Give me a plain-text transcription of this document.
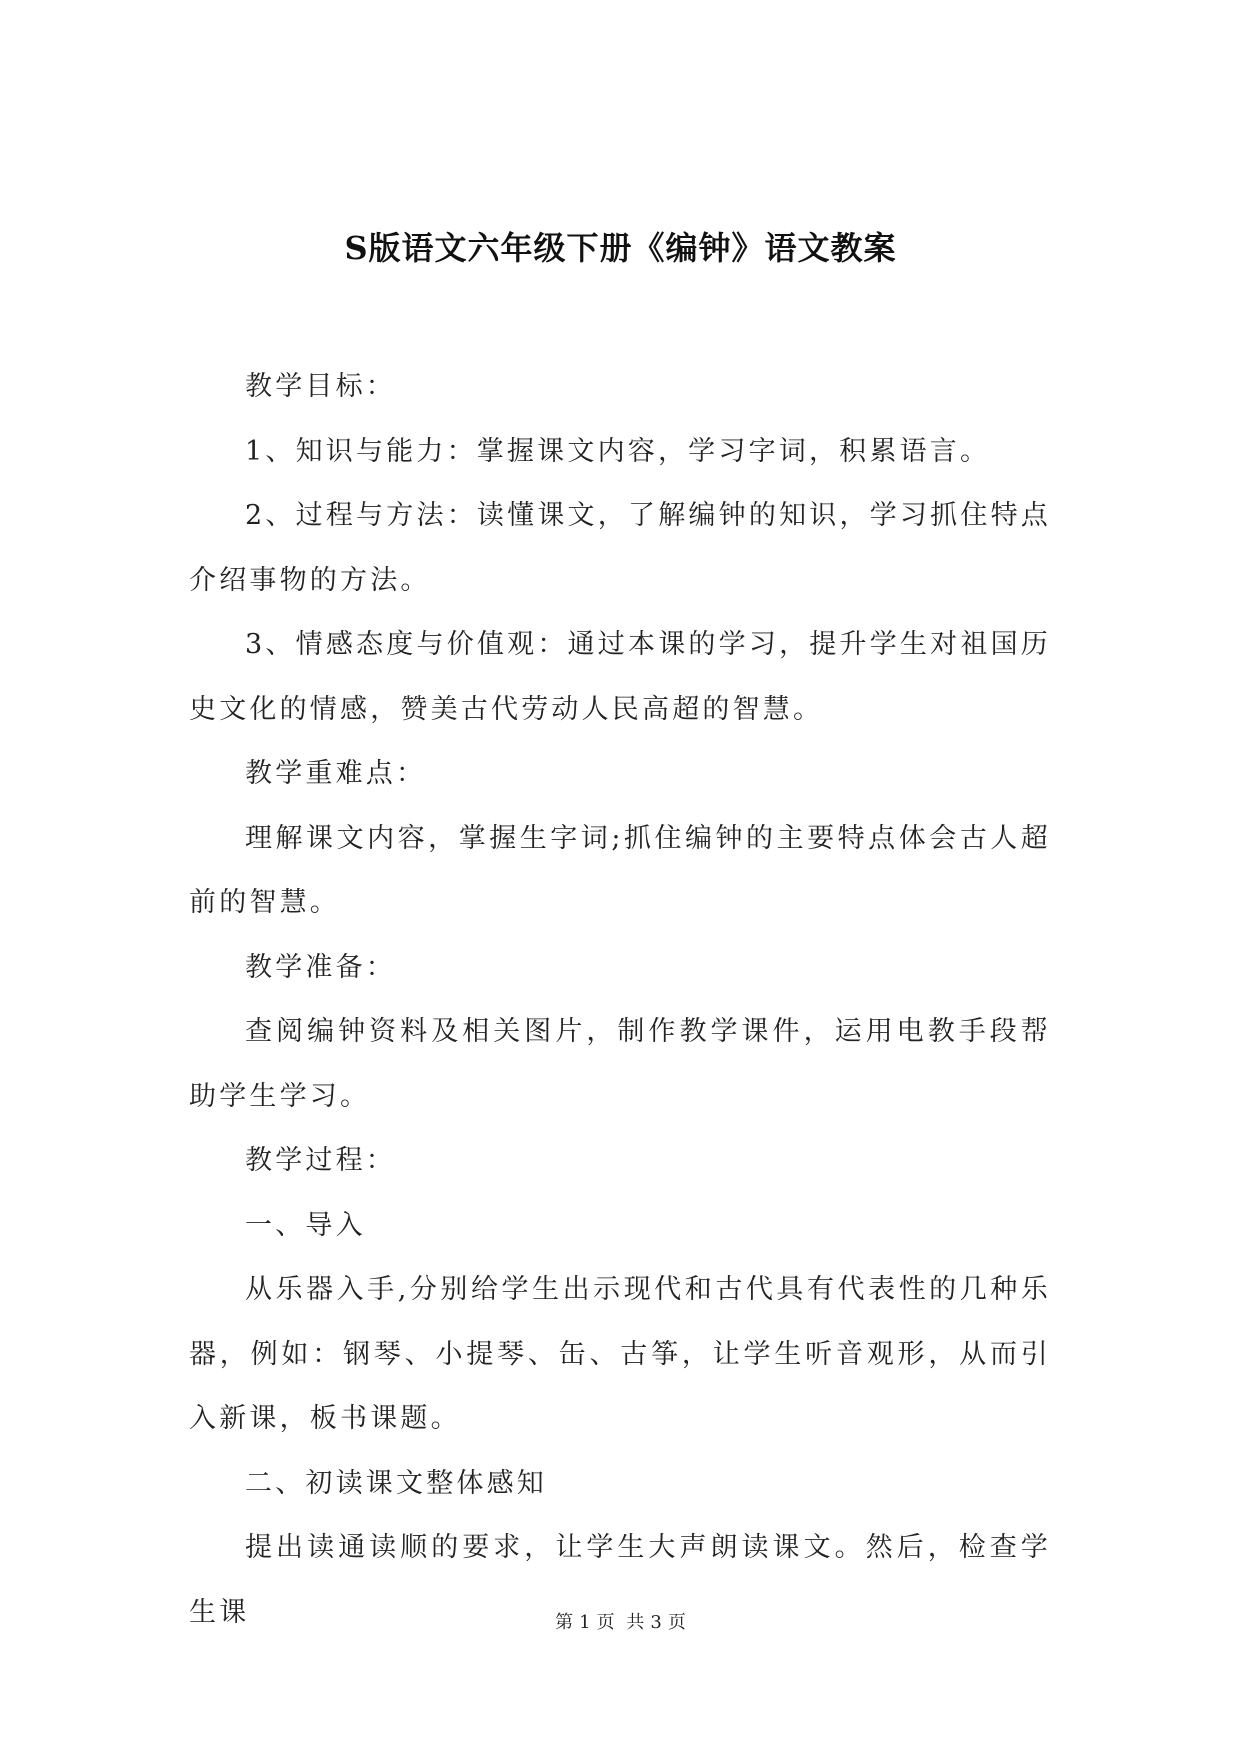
S版语文六年级下册《编钟》语文教案

教学目标：

1、知识与能力：掌握课文内容，学习字词，积累语言。

2、过程与方法：读懂课文，了解编钟的知识，学习抓住特点介绍事物的方法。

3、情感态度与价值观：通过本课的学习，提升学生对祖国历史文化的情感，赞美古代劳动人民高超的智慧。

教学重难点：

理解课文内容，掌握生字词;抓住编钟的主要特点体会古人超前的智慧。

教学准备：

查阅编钟资料及相关图片，制作教学课件，运用电教手段帮助学生学习。

教学过程：

一、导入

从乐器入手,分别给学生出示现代和古代具有代表性的几种乐器，例如：钢琴、小提琴、缶、古筝，让学生听音观形，从而引入新课，板书课题。

二、初读课文整体感知

提出读通读顺的要求，让学生大声朗读课文。然后，检查学生课	第 1 页 共 3 页
